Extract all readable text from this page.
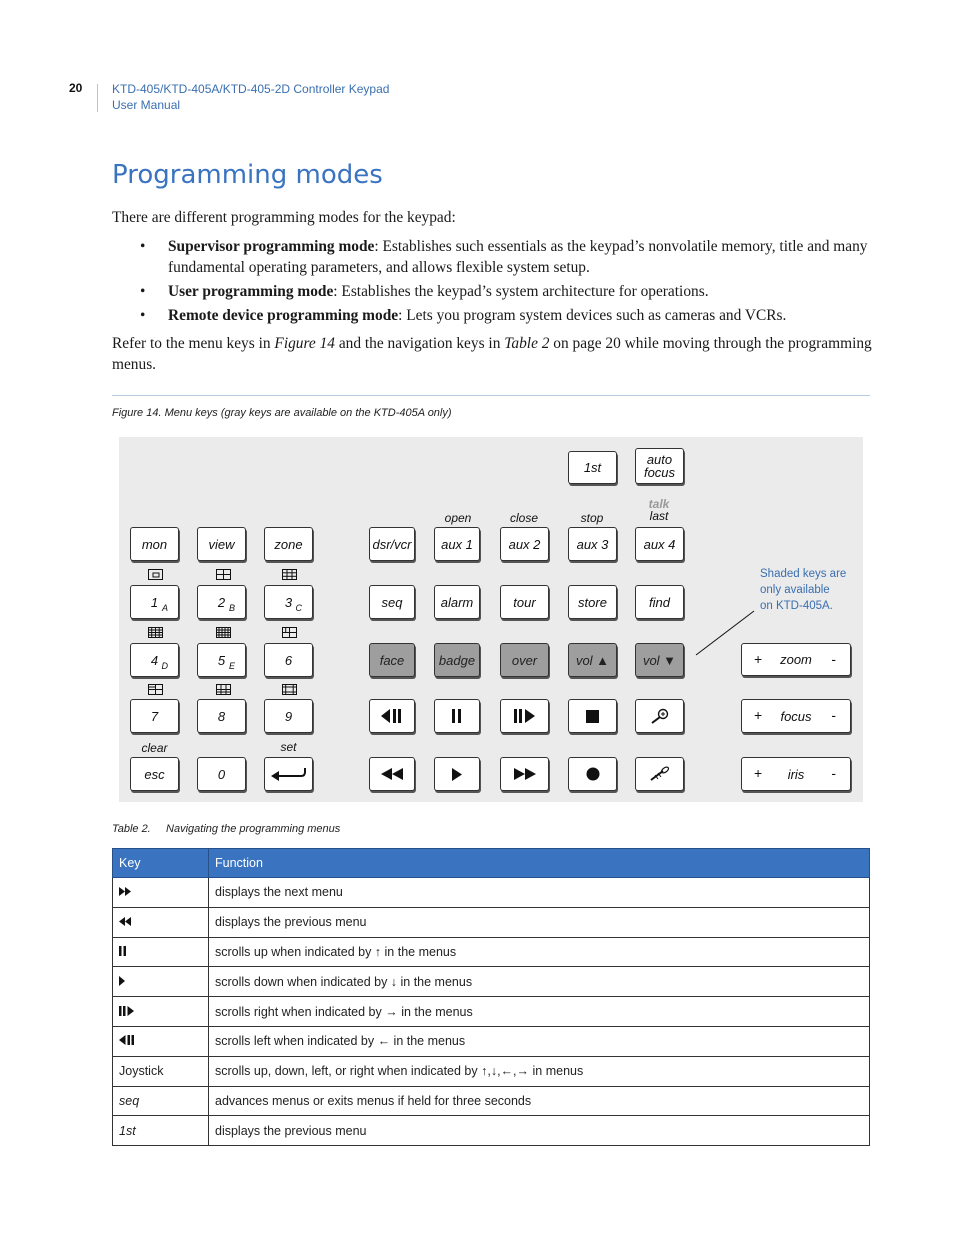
20 KTD-405/KTD-405A/KTD-405-2D Controller Keypad
User Manual
Programming modes
There are different programming modes for the keypad:
• Supervisor programming mode: Establishes such essentials as the keypad’s nonvolatile memory, title and many fundamental operating parameters, and allows flexible system setup.
• User programming mode: Establishes the keypad’s system architecture for operations.
• Remote device programming mode: Lets you program system devices such as cameras and VCRs.
Refer to the menu keys in Figure 14 and the navigation keys in Table 2 on page 20 while moving through the programming menus.
Figure 14. Menu keys (gray keys are available on the KTD-405A only)
1st
auto
focus
open	close	stop
talk
last
mon	view	zone	dsr/vcr	aux 1	aux 2	aux 3	aux 4
1 A	2 B	3 C	seq	alarm	tour	store	find
4 D	5 E	6	face	badge	over	vol ▲	vol ▼
7	8	9
clear	set
esc	0
+ zoom -
+ focus -
+ iris -
Shaded keys are
only available
on KTD-405A.
Table 2.     Navigating the programming menus
Key	Function
	displays the next menu
	displays the previous menu
	scrolls up when indicated by ↑ in the menus
	scrolls down when indicated by ↓ in the menus
	scrolls right when indicated by → in the menus
	scrolls left when indicated by ← in the menus
Joystick	scrolls up, down, left, or right when indicated by ↑,↓,←,→ in menus
seq	advances menus or exits menus if held for three seconds
1st	displays the previous menu
